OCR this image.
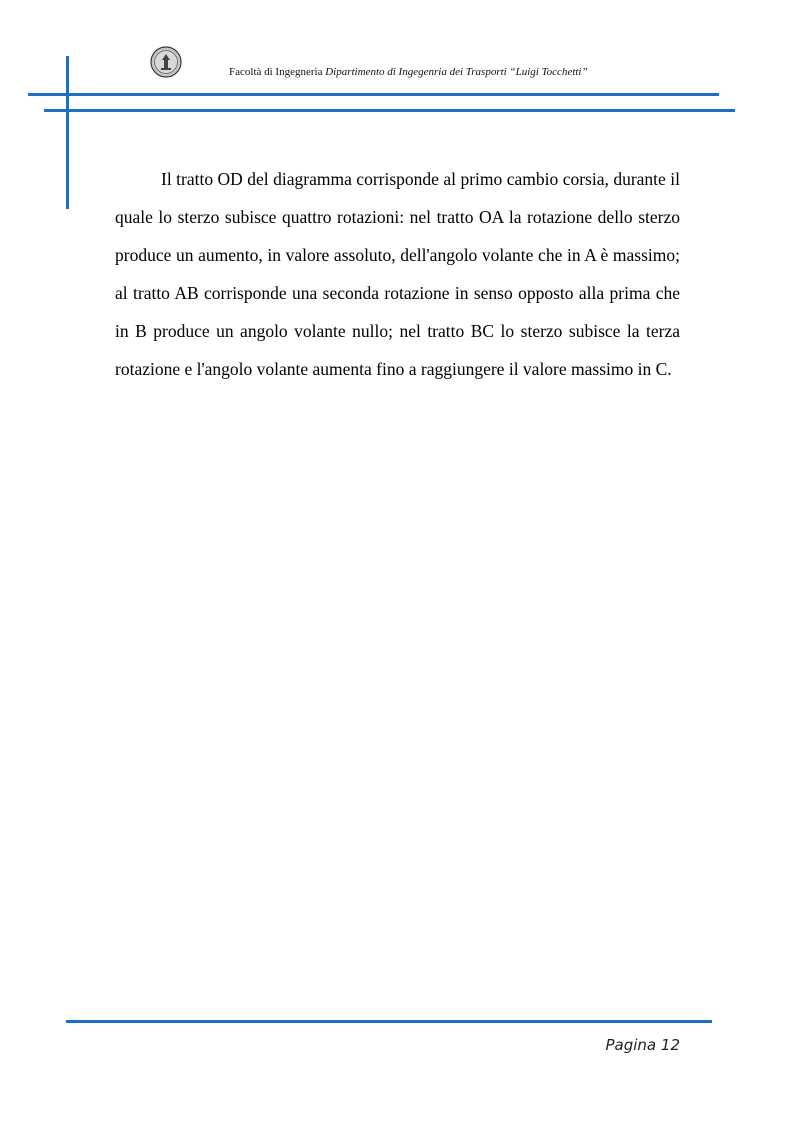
Facoltà di Ingegneria Dipartimento di Ingegenria dei Trasporti “Luigi Tocchetti”

Il tratto OD del diagramma corrisponde al primo cambio corsia, durante il quale lo sterzo subisce quattro rotazioni: nel tratto OA la rotazione dello sterzo produce un aumento, in valore assoluto, dell'angolo volante che in A è massimo; al tratto AB corrisponde una seconda rotazione in senso opposto alla prima che in B produce un angolo volante nullo; nel tratto BC lo sterzo subisce la terza rotazione e l'angolo volante aumenta fino a raggiungere il valore massimo in C.

Pagina 12
